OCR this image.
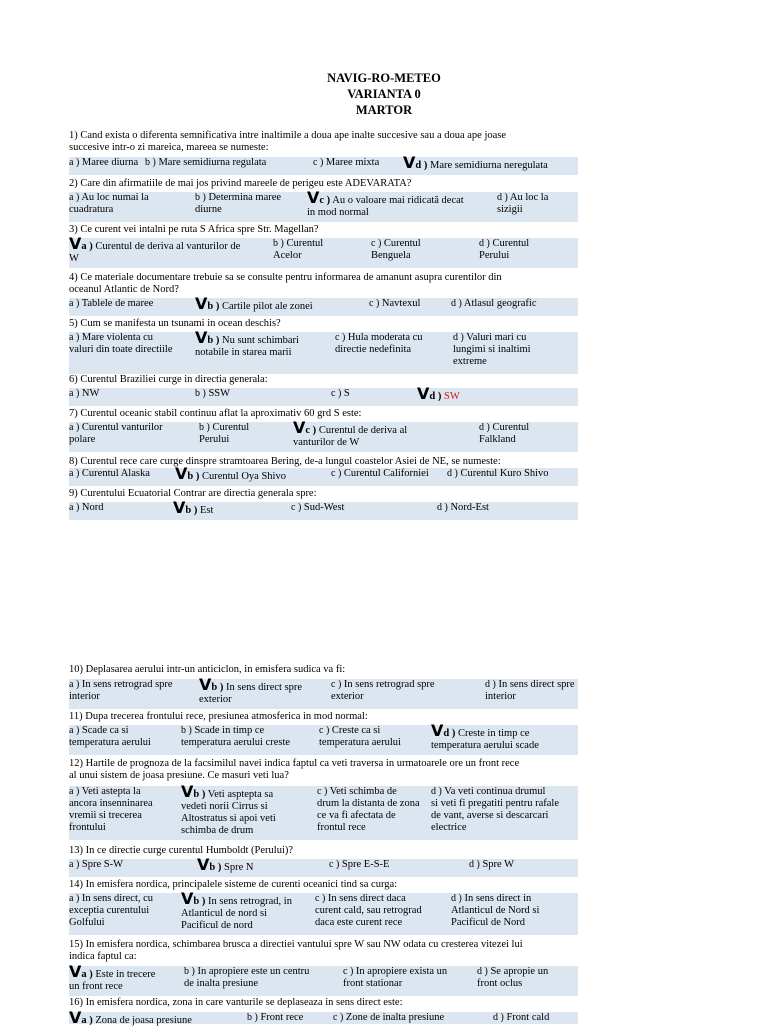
NAVIG-RO-METEO
VARIANTA 0
MARTOR
1) Cand exista o diferenta semnificativa intre inaltimile a doua ape inalte succesive sau a doua ape joase
succesive intr-o zi mareica, mareea se numeste:
a ) Maree diurna b ) Mare semidiurna regulata	c ) Maree mixta	Vd ) Mare semidiurna neregulata
2) Care din afirmatiile de mai jos privind mareele de perigeu este ADEVARATA?
a ) Au loc numai la
cuadratura
b ) Determina maree
diurne
Vc ) Au o valoare mai ridicată decat
in mod normal
d ) Au loc la
sizigii
3) Ce curent vei intalni pe ruta S Africa spre Str. Magellan?
Va ) Curentul de deriva al vanturilor de
W
b ) Curentul
Acelor
c ) Curentul
Benguela
d ) Curentul
Perului
4) Ce materiale documentare trebuie sa se consulte pentru informarea de amanunt asupra curentilor din
oceanul Atlantic de Nord?
a ) Tablele de maree	Vb ) Cartile pilot ale zonei	c ) Navtexul	d ) Atlasul geografic
5) Cum se manifesta un tsunami in ocean deschis?
a ) Mare violenta cu
valuri din toate directiile
Vb ) Nu sunt schimbari
notabile in starea marii
c ) Hula moderata cu
directie nedefinita
d ) Valuri mari cu
lungimi si inaltimi
extreme
6) Curentul Braziliei curge in directia generala:
a ) NW	b ) SSW	c ) S	Vd ) SW
7) Curentul oceanic stabil continuu aflat la aproximativ 60 grd S este:
a ) Curentul vanturilor
polare
b ) Curentul
Perului
Vc ) Curentul de deriva al
vanturilor de W
d ) Curentul
Falkland
8) Curentul rece care curge dinspre stramtoarea Bering, de-a lungul coastelor Asiei de NE, se numeste:
a ) Curentul Alaska	Vb ) Curentul Oya Shivo	c ) Curentul Californiei	d ) Curentul Kuro Shivo
9) Curentului Ecuatorial Contrar are directia generala spre:
a ) Nord	Vb ) Est	c ) Sud-West	d ) Nord-Est
10) Deplasarea aerului intr-un anticiclon, in emisfera sudica va fi:
a ) In sens retrograd spre
interior
Vb ) In sens direct spre
exterior
c ) In sens retrograd spre
exterior
d ) In sens direct spre
interior
11) Dupa trecerea frontului rece, presiunea atmosferica in mod normal:
a ) Scade ca si
temperatura aerului
b ) Scade in timp ce
temperatura aerului creste
c ) Creste ca si
temperatura aerului
Vd ) Creste in timp ce
temperatura aerului scade
12) Hartile de prognoza de la facsimilul navei indica faptul ca veti traversa in urmatoarele ore un front rece
al unui sistem de joasa presiune. Ce masuri veti lua?
a ) Veti astepta la
ancora insenninarea
vremii si trecerea
frontului
Vb ) Veti asptepta sa
vedeti norii Cirrus si
Altostratus si apoi veti
schimba de drum
c ) Veti schimba de
drum la distanta de zona
ce va fi afectata de
frontul rece
d ) Va veti continua drumul
si veti fi pregatiti pentru rafale
de vant, averse si descarcari
electrice
13) In ce directie curge curentul Humboldt (Perului)?
a ) Spre S-W	Vb ) Spre N	c ) Spre E-S-E	d ) Spre W
14) In emisfera nordica, principalele sisteme de curenti oceanici tind sa curga:
a ) In sens direct, cu
exceptia curentului
Golfului
Vb ) In sens retrograd, in
Atlanticul de nord si
Pacificul de nord
c ) In sens direct daca
curent cald, sau retrograd
daca este curent rece
d ) In sens direct in
Atlanticul de Nord si
Pacificul de Nord
15) In emisfera nordica, schimbarea brusca a directiei vantului spre W sau NW odata cu cresterea vitezei lui
indica faptul ca:
Va ) Este in trecere
un front rece
b ) In apropiere este un centru
de inalta presiune
c ) In apropiere exista un
front stationar
d ) Se apropie un
front oclus
16) In emisfera nordica, zona in care vanturile se deplaseaza in sens direct este:
Va ) Zona de joasa presiune	b ) Front rece	c ) Zone de inalta presiune	d ) Front cald
